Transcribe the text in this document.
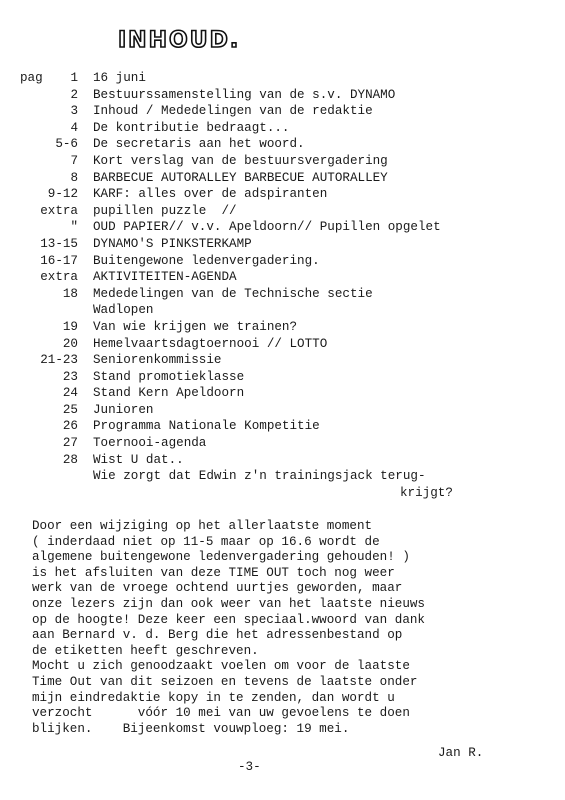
INHOUD.

pag

1

16 juni

2

Bestuurssamenstelling van de s.v. DYNAMO

3

Inhoud / Mededelingen van de redaktie

4

De kontributie bedraagt...

5-6

De secretaris aan het woord.

7

Kort verslag van de bestuursvergadering

8

BARBECUE AUTORALLEY BARBECUE AUTORALLEY

9-12

KARF: alles over de adspiranten

extra

pupillen puzzle  //

"

OUD PAPIER// v.v. Apeldoorn// Pupillen opgelet

13-15

DYNAMO'S PINKSTERKAMP

16-17

Buitengewone ledenvergadering.

extra

AKTIVITEITEN-AGENDA

18

Mededelingen van de Technische sectie

Wadlopen

19

Van wie krijgen we trainen?

20

Hemelvaartsdagtoernooi // LOTTO

21-23

Seniorenkommissie

23

Stand promotieklasse

24

Stand Kern Apeldoorn

25

Junioren

26

Programma Nationale Kompetitie

27

Toernooi-agenda

28

Wist U dat..

Wie zorgt dat Edwin z'n trainingsjack terug-

krijgt?

Door een wijziging op het allerlaatste moment
( inderdaad niet op 11-5 maar op 16.6 wordt de
algemene buitengewone ledenvergadering gehouden! )
is het afsluiten van deze TIME OUT toch nog weer
werk van de vroege ochtend uurtjes geworden, maar
onze lezers zijn dan ook weer van het laatste nieuws
op de hoogte! Deze keer een speciaal.wwoord van dank
aan Bernard v. d. Berg die het adressenbestand op
de etiketten heeft geschreven.
Mocht u zich genoodzaakt voelen om voor de laatste
Time Out van dit seizoen en tevens de laatste onder
mijn eindredaktie kopy in te zenden, dan wordt u
verzocht      vóór 10 mei van uw gevoelens te doen
blijken.    Bijeenkomst vouwploeg: 19 mei.
Jan R.
-3-
